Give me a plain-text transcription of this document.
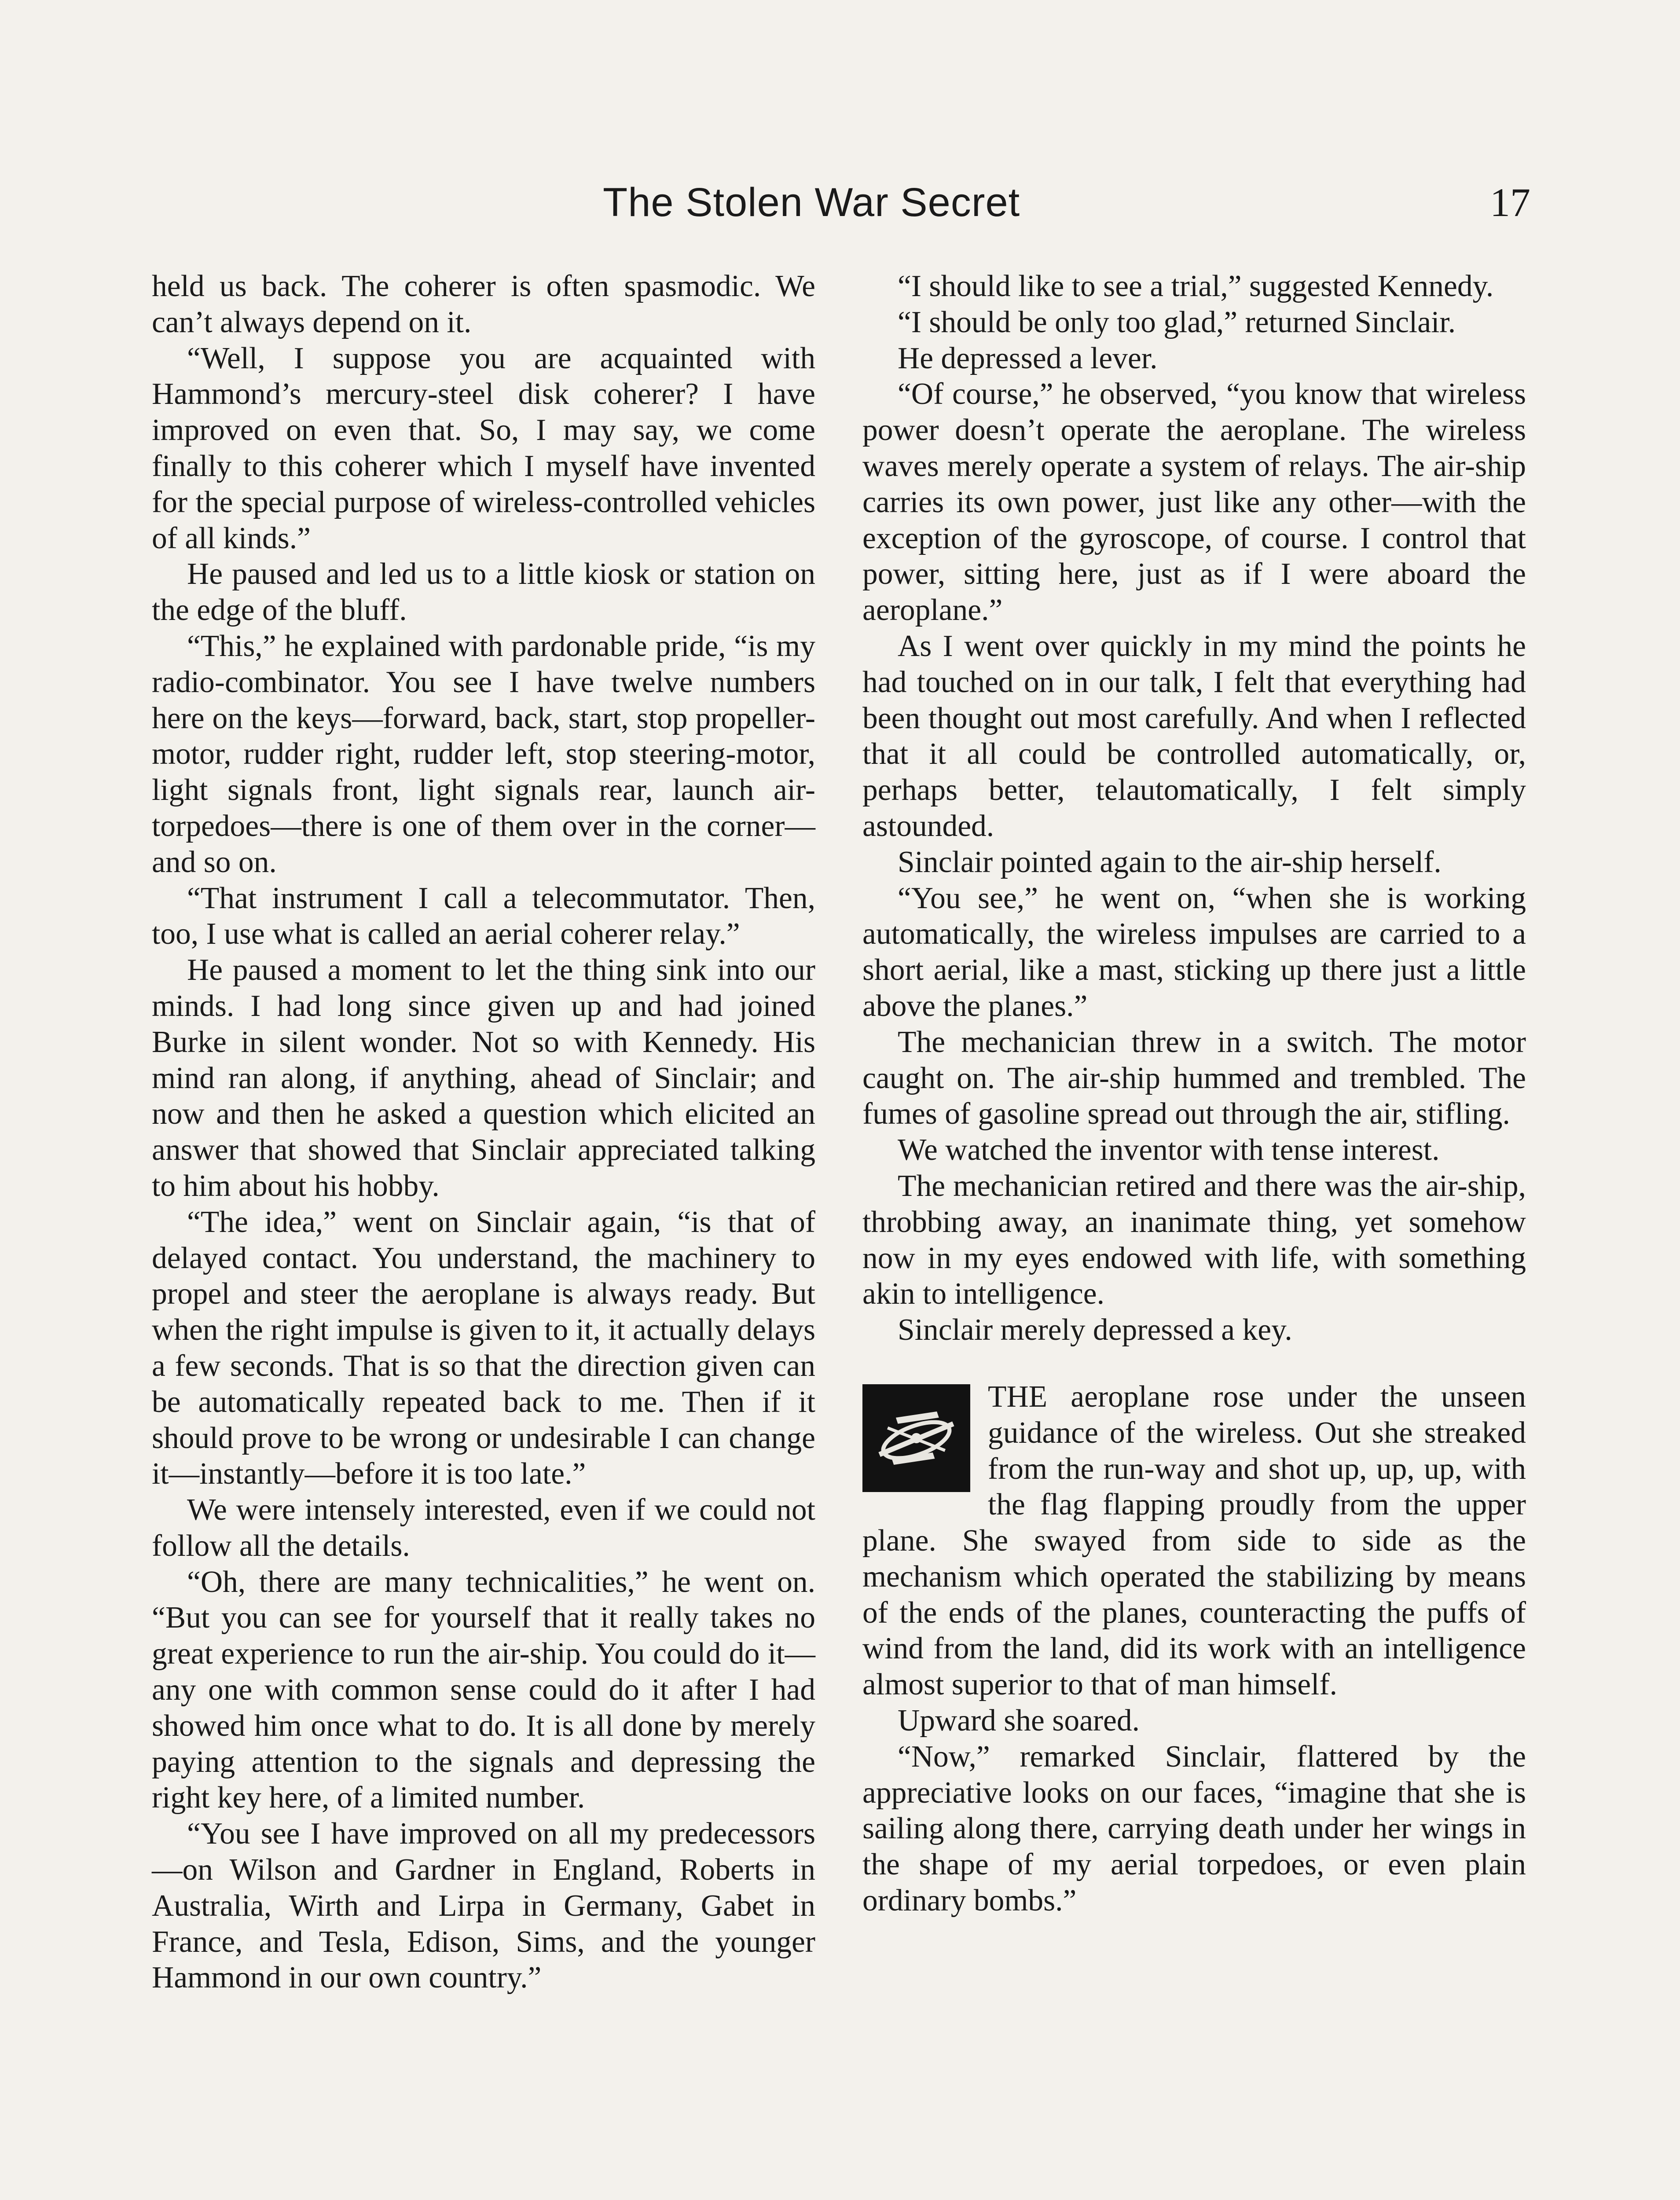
The Stolen War Secret	17

held us back. The coherer is often spasmodic. We can’t always depend on it.

“Well, I suppose you are acquainted with Hammond’s mercury-steel disk coherer? I have improved on even that. So, I may say, we come finally to this coherer which I myself have invented for the special purpose of wireless-controlled vehicles of all kinds.”

He paused and led us to a little kiosk or station on the edge of the bluff.

“This,” he explained with pardonable pride, “is my radio-combinator. You see I have twelve numbers here on the keys—forward, back, start, stop propeller-motor, rudder right, rudder left, stop steering-motor, light signals front, light signals rear, launch air-torpedoes—there is one of them over in the corner—and so on.

“That instrument I call a telecommutator. Then, too, I use what is called an aerial coherer relay.”

He paused a moment to let the thing sink into our minds. I had long since given up and had joined Burke in silent wonder. Not so with Kennedy. His mind ran along, if anything, ahead of Sinclair; and now and then he asked a question which elicited an answer that showed that Sinclair appreciated talking to him about his hobby.

“The idea,” went on Sinclair again, “is that of delayed contact. You understand, the machinery to propel and steer the aeroplane is always ready. But when the right impulse is given to it, it actually delays a few seconds. That is so that the direction given can be automatically repeated back to me. Then if it should prove to be wrong or undesirable I can change it—instantly—before it is too late.”

We were intensely interested, even if we could not follow all the details.

“Oh, there are many technicalities,” he went on. “But you can see for yourself that it really takes no great experience to run the air-ship. You could do it—any one with common sense could do it after I had showed him once what to do. It is all done by merely paying attention to the signals and depressing the right key here, of a limited number.

“You see I have improved on all my predecessors—on Wilson and Gardner in England, Roberts in Australia, Wirth and Lirpa in Germany, Gabet in France, and Tesla, Edison, Sims, and the younger Hammond in our own country.”

“I should like to see a trial,” suggested Kennedy.

“I should be only too glad,” returned Sinclair.

He depressed a lever.

“Of course,” he observed, “you know that wireless power doesn’t operate the aeroplane. The wireless waves merely operate a system of relays. The air-ship carries its own power, just like any other—with the exception of the gyroscope, of course. I control that power, sitting here, just as if I were aboard the aeroplane.”

As I went over quickly in my mind the points he had touched on in our talk, I felt that everything had been thought out most carefully. And when I reflected that it all could be controlled automatically, or, perhaps better, telautomatically, I felt simply astounded.

Sinclair pointed again to the air-ship herself.

“You see,” he went on, “when she is working automatically, the wireless impulses are carried to a short aerial, like a mast, sticking up there just a little above the planes.”

The mechanician threw in a switch. The motor caught on. The air-ship hummed and trembled. The fumes of gasoline spread out through the air, stifling.

We watched the inventor with tense interest.

The mechanician retired and there was the air-ship, throbbing away, an inanimate thing, yet somehow now in my eyes endowed with life, with something akin to intelligence.

Sinclair merely depressed a key.

THE aeroplane rose under the unseen guidance of the wireless. Out she streaked from the run-way and shot up, up, up, with the flag flapping proudly from the upper plane. She swayed from side to side as the mechanism which operated the stabilizing by means of the ends of the planes, counteracting the puffs of wind from the land, did its work with an intelligence almost superior to that of man himself.

Upward she soared.

“Now,” remarked Sinclair, flattered by the appreciative looks on our faces, “imagine that she is sailing along there, carrying death under her wings in the shape of my aerial torpedoes, or even plain ordinary bombs.”
